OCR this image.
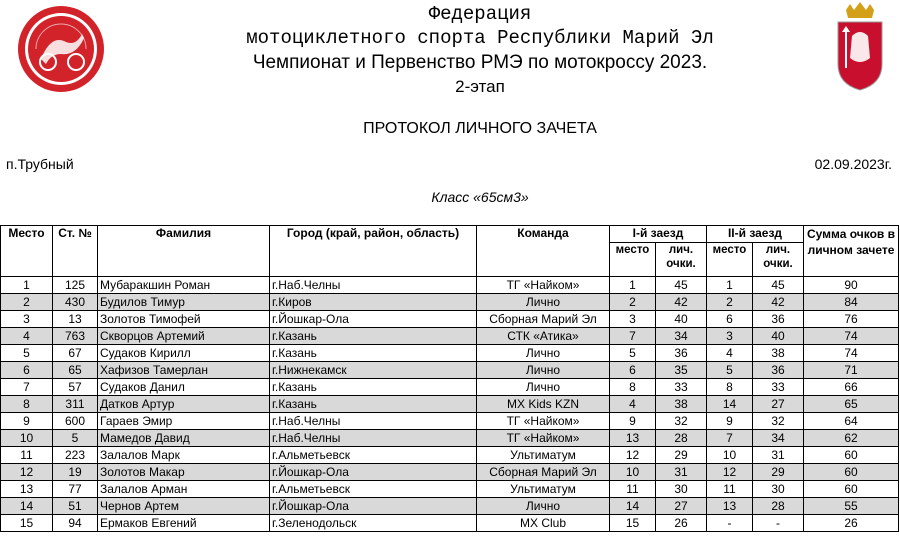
Федерация
мотоциклетного спорта Республики Марий Эл
Чемпионат и Первенство РМЭ по мотокроссу 2023.
2-этап
ПРОТОКОЛ ЛИЧНОГО ЗАЧЕТА
п.Трубный	02.09.2023г.
Класс «65см3»
Место	Ст. №	Фамилия	Город (край, район, область)	Команда	I-й заезд		II-й заезд		Сумма очков в личном зачете
					место	лич. очки.	место	лич. очки.	
1	125	Мубаракшин Роман	г.Наб.Челны	ТГ «Найком»	1	45	1	45	90
2	430	Будилов Тимур	г.Киров	Лично	2	42	2	42	84
3	13	Золотов Тимофей	г.Йошкар-Ола	Сборная Марий Эл	3	40	6	36	76
4	763	Скворцов Артемий	г.Казань	СТК «Атика»	7	34	3	40	74
5	67	Судаков Кирилл	г.Казань	Лично	5	36	4	38	74
6	65	Хафизов Тамерлан	г.Нижнекамск	Лично	6	35	5	36	71
7	57	Судаков Данил	г.Казань	Лично	8	33	8	33	66
8	311	Датков Артур	г.Казань	MX Kids KZN	4	38	14	27	65
9	600	Гараев Эмир	г.Наб.Челны	ТГ «Найком»	9	32	9	32	64
10	5	Мамедов Давид	г.Наб.Челны	ТГ «Найком»	13	28	7	34	62
11	223	Залалов Марк	г.Альметьевск	Ультиматум	12	29	10	31	60
12	19	Золотов Макар	г.Йошкар-Ола	Сборная Марий Эл	10	31	12	29	60
13	77	Залалов Арман	г.Альметьевск	Ультиматум	11	30	11	30	60
14	51	Чернов Артем	г.Йошкар-Ола	Лично	14	27	13	28	55
15	94	Ермаков Евгений	г.Зеленодольск	MX Club	15	26	-	-	26
